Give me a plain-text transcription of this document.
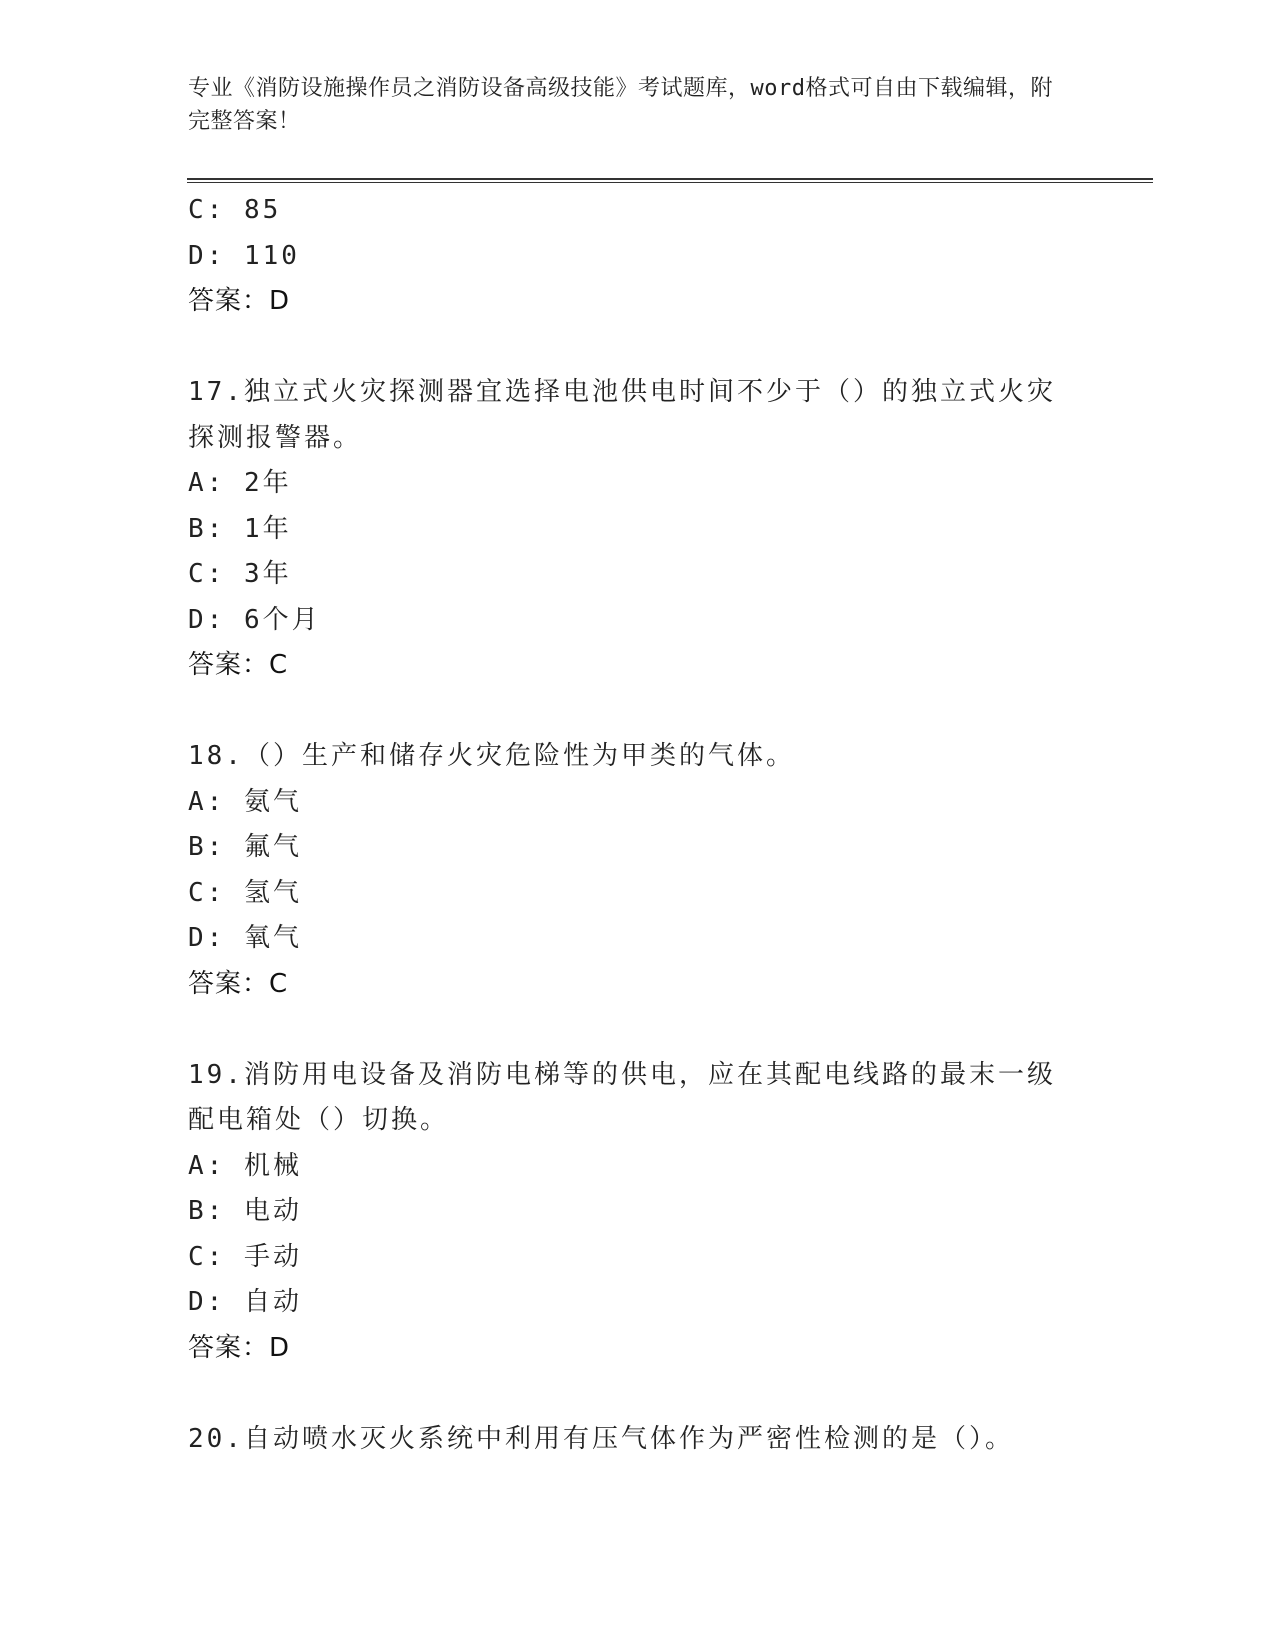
专业《消防设施操作员之消防设备高级技能》考试题库，word格式可自由下载编辑，附完整答案！
C: 85
D: 110
答案：D
17.独立式火灾探测器宜选择电池供电时间不少于（）的独立式火灾探测报警器。
A: 2年
B: 1年
C: 3年
D: 6个月
答案：C
18.（）生产和储存火灾危险性为甲类的气体。
A: 氨气
B: 氟气
C: 氢气
D: 氧气
答案：C
19.消防用电设备及消防电梯等的供电，应在其配电线路的最末一级配电箱处（）切换。
A: 机械
B: 电动
C: 手动
D: 自动
答案：D
20.自动喷水灭火系统中利用有压气体作为严密性检测的是（）。
